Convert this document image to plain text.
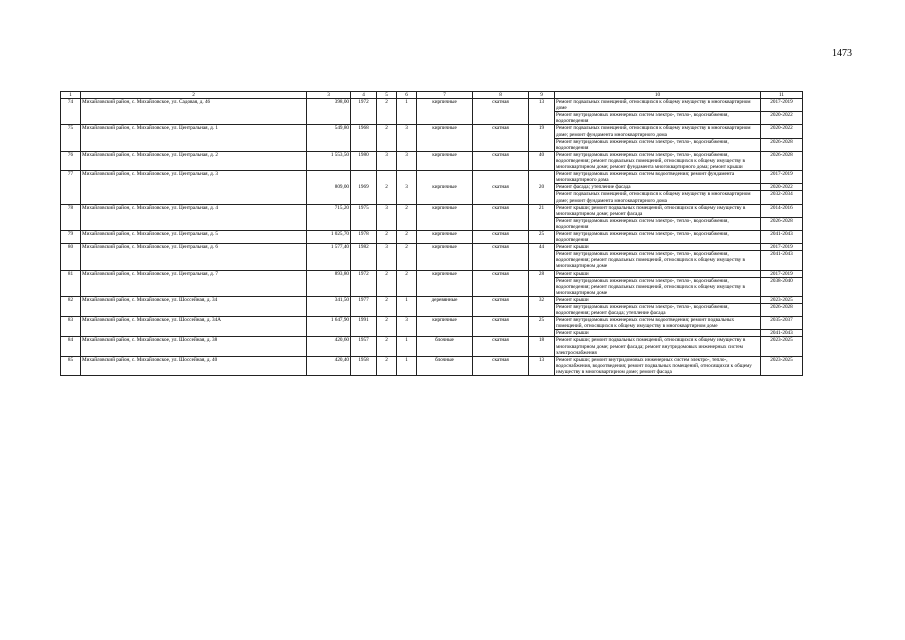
1473
1	2	3	4	5	6	7	8	9	10	11
74	Михайловский район, с. Михайловское, ул. Садовая, д. 46	398,00	1972	2	1	кирпичные	скатная	13	Ремонт подвальных помещений, относящихся к общему имуществу в многоквартирном доме	2017-2019
									Ремонт внутридомовых инженерных систем электро-, тепло-, водоснабжения, водоотведения	2020-2022
75	Михайловский район, с. Михайловское, ул. Центральная, д. 1	549,80	1968	2	3	кирпичные	скатная	19	Ремонт подвальных помещений, относящихся к общему имуществу в многоквартирном доме; ремонт фундамента многоквартирного дома	2020-2022
									Ремонт внутридомовых инженерных систем электро-, тепло-, водоснабжения, водоотведения	2026-2028
76	Михайловский район, с. Михайловское, ул. Центральная, д. 2	1 553,50	1980	3	3	кирпичные	скатная	40	Ремонт внутридомовых инженерных систем электро-, тепло-, водоснабжения, водоотведения; ремонт подвальных помещений, относящихся к общему имуществу в многоквартирном доме; ремонт фундамента многоквартирного дома; ремонт крыши	2026-2028
77	Михайловский район, с. Михайловское, ул. Центральная, д. 3	809,00	1969	2	3	кирпичные	скатная	20	Ремонт внутридомовых инженерных систем водоотведения; ремонт фундамента многоквартирного дома	2017-2019
									Ремонт фасада; утепление фасада	2020-2022
									Ремонт подвальных помещений, относящихся к общему имуществу в многоквартирном доме; ремонт фундамента многоквартирного дома	2032-2034
78	Михайловский район, с. Михайловское, ул. Центральная, д. 4	715,20	1975	3	2	кирпичные	скатная	21	Ремонт крыши; ремонт подвальных помещений, относящихся к общему имуществу в многоквартирном доме; ремонт фасада	2014-2016
									Ремонт внутридомовых инженерных систем электро-, тепло-, водоснабжения, водоотведения	2026-2028
79	Михайловский район, с. Михайловское, ул. Центральная, д. 5	1 025,70	1978	2	2	кирпичные	скатная	25	Ремонт внутридомовых инженерных систем электро-, тепло-, водоснабжения, водоотведения	2041-2043
80	Михайловский район, с. Михайловское, ул. Центральная, д. 6	1 577,40	1982	3	2	кирпичные	скатная	44	Ремонт крыши	2017-2019
									Ремонт внутридомовых инженерных систем электро-, тепло-, водоснабжения, водоотведения; ремонт подвальных помещений, относящихся к общему имуществу в многоквартирном доме	2041-2043
81	Михайловский район, с. Михайловское, ул. Центральная, д. 7	893,80	1972	2	2	кирпичные	скатная	28	Ремонт крыши	2017-2019
									Ремонт внутридомовых инженерных систем электро-, тепло-, водоснабжения, водоотведения; ремонт подвальных помещений, относящихся к общему имуществу в многоквартирном доме	2038-2040
82	Михайловский район, с. Михайловское, ул. Шоссейная, д. 34	341,50	1977	2	1	деревянные	скатная	32	Ремонт крыши	2023-2025
									Ремонт внутридомовых инженерных систем электро-, тепло-, водоснабжения, водоотведения; ремонт фасада; утепление фасада	2026-2028
83	Михайловский район, с. Михайловское, ул. Шоссейная, д. 34А	1 647,90	1991	2	3	кирпичные	скатная	25	Ремонт внутридомовых инженерных систем водоотведения; ремонт подвальных помещений, относящихся к общему имуществу в многоквартирном доме	2035-2037
									Ремонт крыши	2041-2043
84	Михайловский район, с. Михайловское, ул. Шоссейная, д. 38	420,60	1957	2	1	блочные	скатная	18	Ремонт крыши; ремонт подвальных помещений, относящихся к общему имуществу в многоквартирном доме; ремонт фасада; ремонт внутридомовых инженерных систем электроснабжения	2023-2025
85	Михайловский район, с. Михайловское, ул. Шоссейная, д. 40	420,40	1958	2	1	блочные	скатная	13	Ремонт крыши; ремонт внутридомовых инженерных систем электро-, тепло-, водоснабжения, водоотведения; ремонт подвальных помещений, относящихся к общему имуществу в многоквартирном доме; ремонт фасада	2023-2025
